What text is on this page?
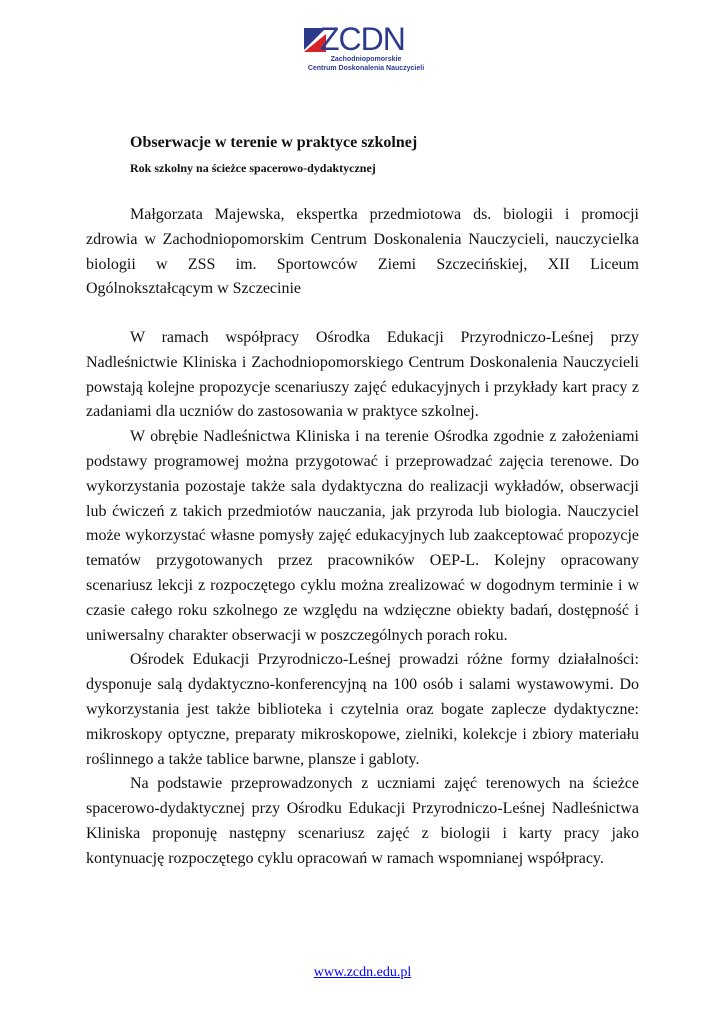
ZCDN
Zachodniopomorskie
Centrum Doskonalenia Nauczycieli
Obserwacje w terenie w praktyce szkolnej
Rok szkolny na ścieżce spacerowo-dydaktycznej

Małgorzata Majewska, ekspertka przedmiotowa ds. biologii i promocji zdrowia w Zachodniopomorskim Centrum Doskonalenia Nauczycieli, nauczycielka biologii w ZSS im. Sportowców Ziemi Szczecińskiej, XII Liceum Ogólnokształcącym w Szczecinie

W ramach współpracy Ośrodka Edukacji Przyrodniczo-Leśnej przy Nadleśnictwie Kliniska i Zachodniopomorskiego Centrum Doskonalenia Nauczycieli powstają kolejne propozycje scenariuszy zajęć edukacyjnych i przykłady kart pracy z zadaniami dla uczniów do zastosowania w praktyce szkolnej.

W obrębie Nadleśnictwa Kliniska i na terenie Ośrodka zgodnie z założeniami podstawy programowej można przygotować i przeprowadzać zajęcia terenowe. Do wykorzystania pozostaje także sala dydaktyczna do realizacji wykładów, obserwacji lub ćwiczeń z takich przedmiotów nauczania, jak przyroda lub biologia. Nauczyciel może wykorzystać własne pomysły zajęć edukacyjnych lub zaakceptować propozycje tematów przygotowanych przez pracowników OEP-L. Kolejny opracowany scenariusz lekcji z rozpoczętego cyklu można zrealizować w dogodnym terminie i w czasie całego roku szkolnego ze względu na wdzięczne obiekty badań, dostępność i uniwersalny charakter obserwacji w poszczególnych porach roku.

Ośrodek Edukacji Przyrodniczo-Leśnej prowadzi różne formy działalności: dysponuje salą dydaktyczno-konferencyjną na 100 osób i salami wystawowymi. Do wykorzystania jest także biblioteka i czytelnia oraz bogate zaplecze dydaktyczne: mikroskopy optyczne, preparaty mikroskopowe, zielniki, kolekcje i zbiory materiału roślinnego a także tablice barwne, plansze i gabloty.

Na podstawie przeprowadzonych z uczniami zajęć terenowych na ścieżce spacerowo-dydaktycznej przy Ośrodku Edukacji Przyrodniczo-Leśnej Nadleśnictwa Kliniska proponuję następny scenariusz zajęć z biologii i karty pracy jako kontynuację rozpoczętego cyklu opracowań w ramach wspomnianej współpracy.

www.zcdn.edu.pl
